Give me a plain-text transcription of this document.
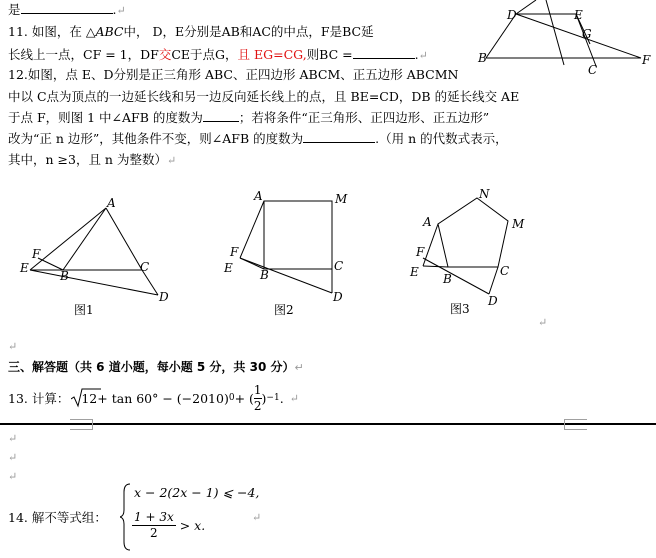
是	.↵
11. 如图，在 △ABC中， D，E分别是AB和AC的中点，F是BC延
长线上一点，CF = 1，DF交CE于点G，且 EG=CG,则BC =	.↵
D	E
G
B
C
F
12.如图，点 E、D分别是正三角形 ABC、正四边形 ABCM、正五边形 ABCMN
中以 C点为顶点的一边延长线和另一边反向延长线上的点，且 BE=CD，DB 的延长线交 AE
于点 F，则图 1 中∠AFB 的度数为	；若将条件“正三角形、正四边形、正五边形”
改为“正 n 边形”，其他条件不变，则∠AFB 的度数为	.（用 n 的代数式表示，
其中，n ≥3，且 n 为整数）↵
A
F
E
B
C
D
图1
A	M
F
E B
C
D
图2
N
A	M
F
E B
C
D
图3
↵
↵
三、解答题（共 6 道小题，每小题 5 分，共 30 分）↵
13. 计算： 12 + tan 60° − (−2010) 0 + ( $\frac{1}{2}$ ) −1 . ↵
↵
↵
↵
14. 解不等式组：
x − 2(2x − 1) ⩽ −4,
$\frac{1 + 3x}{2} > x$.
↵
